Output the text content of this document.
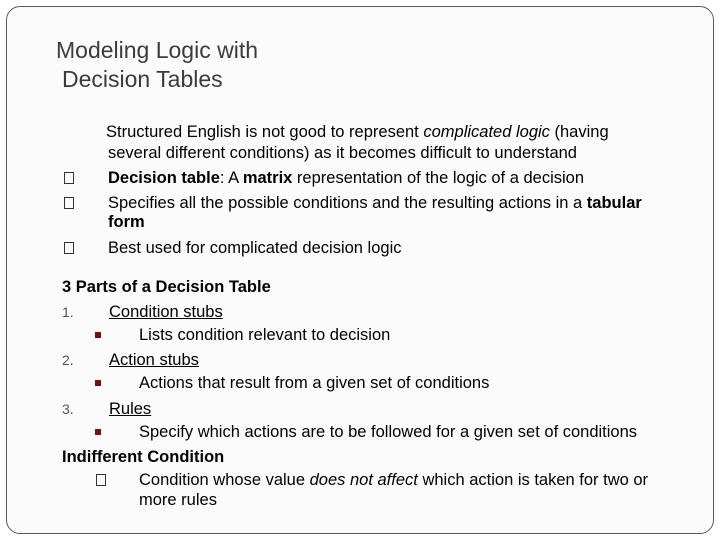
Modeling Logic with
Decision Tables
Structured English is not good to represent complicated logic (having
several different conditions) as it becomes difficult to understand
Decision table: A matrix representation of the logic of a decision
Specifies all the possible conditions and the resulting actions in a tabular
form
Best used for complicated decision logic
3 Parts of a Decision Table
1. Condition stubs
Lists condition relevant to decision
2. Action stubs
Actions that result from a given set of conditions
3. Rules
Specify which actions are to be followed for a given set of conditions
Indifferent Condition
Condition whose value does not affect which action is taken for two or
more rules
